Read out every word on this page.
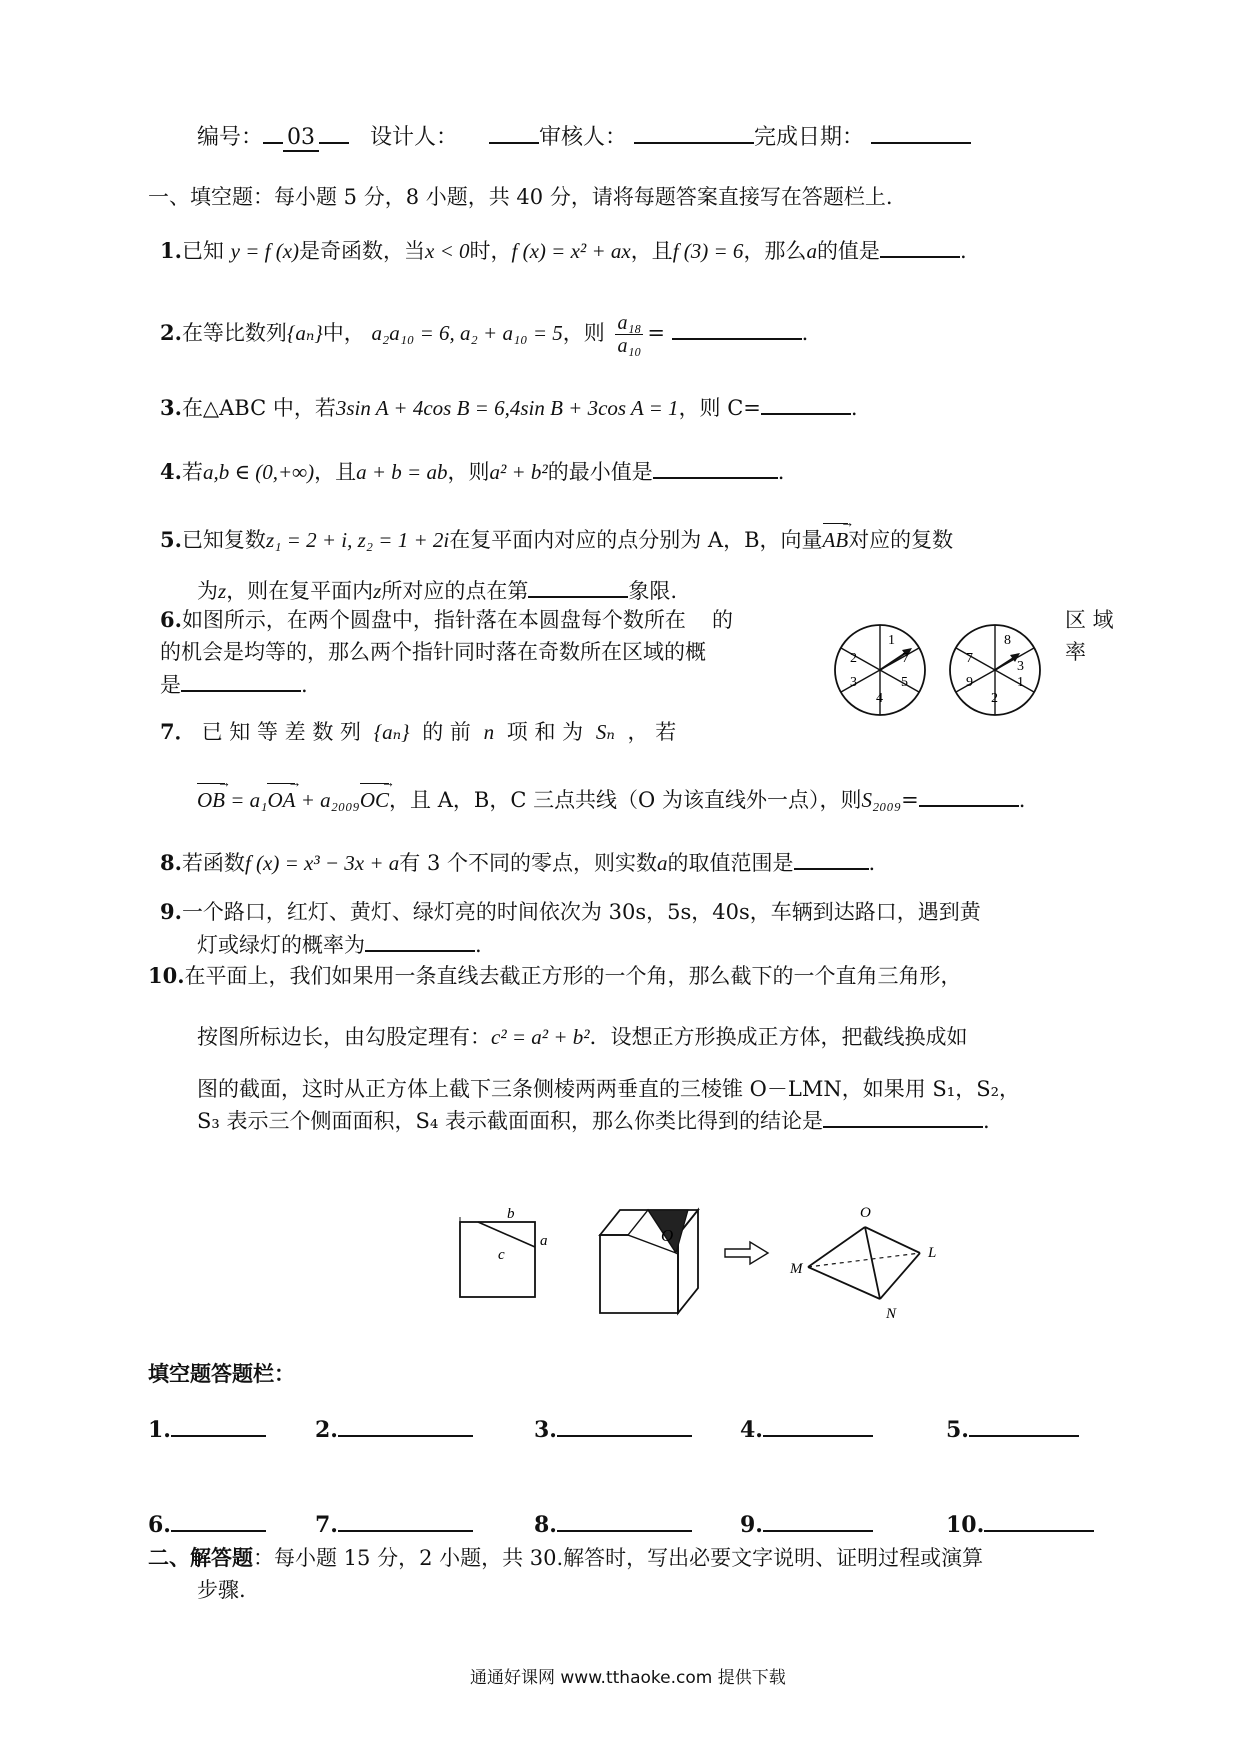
编号： 03	设计人：	审核人：	完成日期：
一、填空题：每小题 5 分，8 小题，共 40 分，请将每题答案直接写在答题栏上.
1.已知 y = f (x)是奇函数，当x < 0时，f (x) = x² + ax，且f (3) = 6，那么a的值是	.
2.在等比数列{aₙ}中， a₂a₁₀ = 6, a₂ + a₁₀ = 5，则 $\frac{\text{a₁₈}}{\text{a₁₀}}$ =	.
3.在△ABC 中，若3sin A + 4cos B = 6,4sin B + 3cos A = 1，则 C=	.
4.若a,b ∈ (0,+∞)，且a + b = ab，则a² + b²的最小值是	.
5.已知复数z₁ = 2 + i, z₂ = 1 + 2i在复平面内对应的点分别为 A，B，向量AB →对应的复数
为z，则在复平面内z所对应的点在第	象限.
6.如图所示，在两个圆盘中，指针落在本圆盘每个数所在 的	区 域
的机会是均等的，那么两个指针同时落在奇数所在区域的概	率
是	.
1
7
5
4
3
2
8
3
1
2
9
7
7． 已 知 等 差 数 列 {aₙ} 的 前 n 项 和 为 Sₙ ， 若
OB → = a₁OA → + a₂₀₀₉OC →，且 A，B，C 三点共线（O 为该直线外一点），则S₂₀₀₉=	.
8.若函数f (x) = x³ − 3x + a有 3 个不同的零点，则实数a的取值范围是	.
9.一个路口，红灯、黄灯、绿灯亮的时间依次为 30s，5s，40s，车辆到达路口，遇到黄
灯或绿灯的概率为	.
10.在平面上，我们如果用一条直线去截正方形的一个角，那么截下的一个直角三角形，
按图所标边长，由勾股定理有：c² = a² + b²．设想正方形换成正方体，把截线换成如
图的截面，这时从正方体上截下三条侧棱两两垂直的三棱锥 O－LMN，如果用 S₁，S₂，
S₃ 表示三个侧面面积，S₄ 表示截面面积，那么你类比得到的结论是	.
b
a
c
O
O
M
L
N
填空题答题栏：
1.	2.	3.	4.	5.
6.	7.	8.	9.	10.
二、解答题：每小题 15 分，2 小题，共 30.解答时，写出必要文字说明、证明过程或演算
步骤.
通通好课网 www.tthaoke.com 提供下载
